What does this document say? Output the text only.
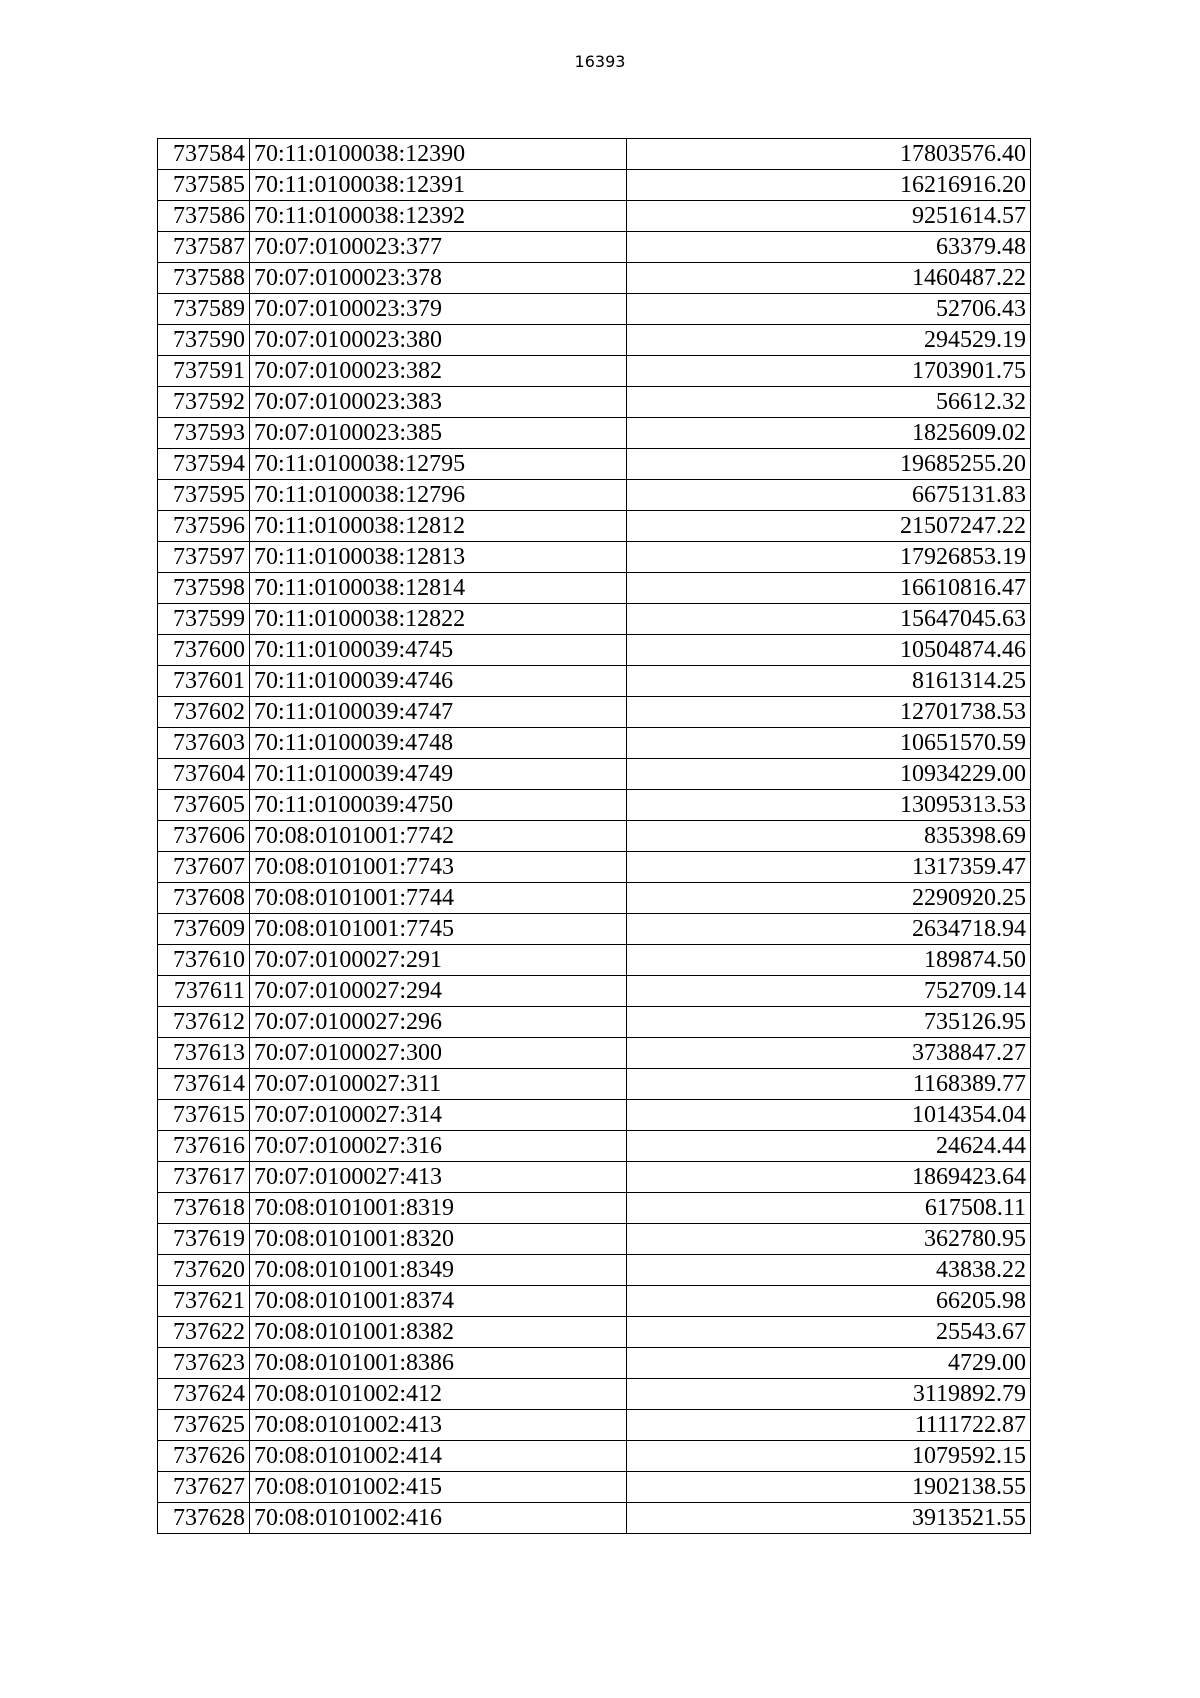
16393
737584	70:11:0100038:12390	17803576.40
737585	70:11:0100038:12391	16216916.20
737586	70:11:0100038:12392	9251614.57
737587	70:07:0100023:377	63379.48
737588	70:07:0100023:378	1460487.22
737589	70:07:0100023:379	52706.43
737590	70:07:0100023:380	294529.19
737591	70:07:0100023:382	1703901.75
737592	70:07:0100023:383	56612.32
737593	70:07:0100023:385	1825609.02
737594	70:11:0100038:12795	19685255.20
737595	70:11:0100038:12796	6675131.83
737596	70:11:0100038:12812	21507247.22
737597	70:11:0100038:12813	17926853.19
737598	70:11:0100038:12814	16610816.47
737599	70:11:0100038:12822	15647045.63
737600	70:11:0100039:4745	10504874.46
737601	70:11:0100039:4746	8161314.25
737602	70:11:0100039:4747	12701738.53
737603	70:11:0100039:4748	10651570.59
737604	70:11:0100039:4749	10934229.00
737605	70:11:0100039:4750	13095313.53
737606	70:08:0101001:7742	835398.69
737607	70:08:0101001:7743	1317359.47
737608	70:08:0101001:7744	2290920.25
737609	70:08:0101001:7745	2634718.94
737610	70:07:0100027:291	189874.50
737611	70:07:0100027:294	752709.14
737612	70:07:0100027:296	735126.95
737613	70:07:0100027:300	3738847.27
737614	70:07:0100027:311	1168389.77
737615	70:07:0100027:314	1014354.04
737616	70:07:0100027:316	24624.44
737617	70:07:0100027:413	1869423.64
737618	70:08:0101001:8319	617508.11
737619	70:08:0101001:8320	362780.95
737620	70:08:0101001:8349	43838.22
737621	70:08:0101001:8374	66205.98
737622	70:08:0101001:8382	25543.67
737623	70:08:0101001:8386	4729.00
737624	70:08:0101002:412	3119892.79
737625	70:08:0101002:413	1111722.87
737626	70:08:0101002:414	1079592.15
737627	70:08:0101002:415	1902138.55
737628	70:08:0101002:416	3913521.55
